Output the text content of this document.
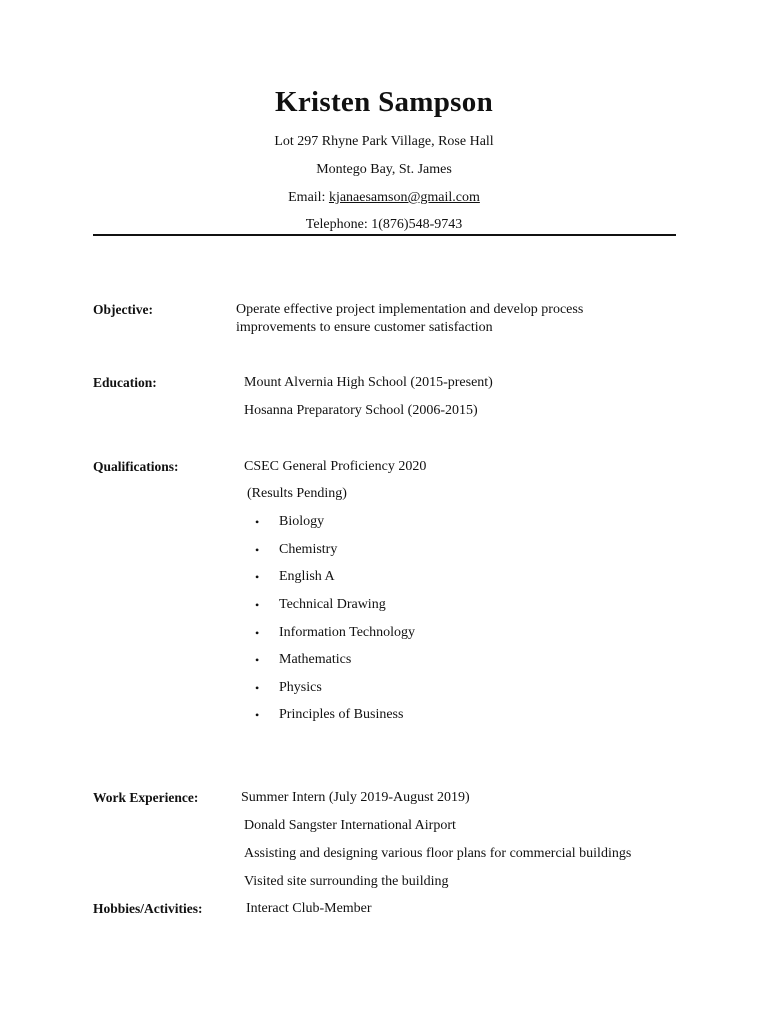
Kristen Sampson
Lot 297 Rhyne Park Village, Rose Hall
Montego Bay, St. James
Email: kjanaesamson@gmail.com
Telephone: 1(876)548-9743
Objective:	Operate effective project implementation and develop process
improvements to ensure customer satisfaction
Education:	Mount Alvernia High School (2015-present)
Hosanna Preparatory School (2006-2015)
Qualifications:	CSEC General Proficiency 2020
(Results Pending)
• Biology
• Chemistry
• English A
• Technical Drawing
• Information Technology
• Mathematics
• Physics
• Principles of Business
Work Experience:	Summer Intern (July 2019-August 2019)
Donald Sangster International Airport
Assisting and designing various floor plans for commercial buildings
Visited site surrounding the building
Hobbies/Activities:	Interact Club-Member
